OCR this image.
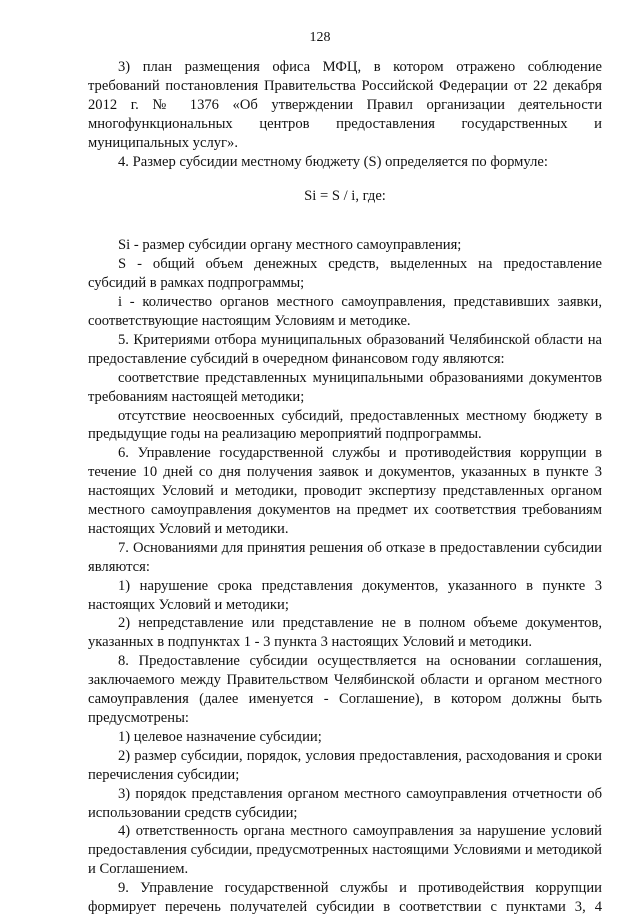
128

3) план размещения офиса МФЦ, в котором отражено соблюдение требований постановления Правительства Российской Федерации от 22 декабря 2012 г. № 1376 «Об утверждении Правил организации деятельности многофункциональных центров предоставления государственных и муниципальных услуг».

4. Размер субсидии местному бюджету (S) определяется по формуле:

Si = S / i, где:

Si - размер субсидии органу местного самоуправления;

S - общий объем денежных средств, выделенных на предоставление субсидий в рамках подпрограммы;

i - количество органов местного самоуправления, представивших заявки, соответствующие настоящим Условиям и методике.

5. Критериями отбора муниципальных образований Челябинской области на предоставление субсидий в очередном финансовом году являются:

соответствие представленных муниципальными образованиями документов требованиям настоящей методики;

отсутствие неосвоенных субсидий, предоставленных местному бюджету в предыдущие годы на реализацию мероприятий подпрограммы.

6. Управление государственной службы и противодействия коррупции в течение 10 дней со дня получения заявок и документов, указанных в пункте 3 настоящих Условий и методики, проводит экспертизу представленных органом местного самоуправления документов на предмет их соответствия требованиям настоящих Условий и методики.

7. Основаниями для принятия решения об отказе в предоставлении субсидии являются:

1) нарушение срока представления документов, указанного в пункте 3 настоящих Условий и методики;

2) непредставление или представление не в полном объеме документов, указанных в подпунктах 1 - 3 пункта 3 настоящих Условий и методики.

8. Предоставление субсидии осуществляется на основании соглашения, заключаемого между Правительством Челябинской области и органом местного самоуправления (далее именуется - Соглашение), в котором должны быть предусмотрены:

1) целевое назначение субсидии;

2) размер субсидии, порядок, условия предоставления, расходования и сроки перечисления субсидии;

3) порядок представления органом местного самоуправления отчетности об использовании средств субсидии;

4) ответственность органа местного самоуправления за нарушение условий предоставления субсидии, предусмотренных настоящими Условиями и методикой и Соглашением.

9. Управление государственной службы и противодействия коррупции формирует перечень получателей субсидии в соответствии с пунктами 3, 4
